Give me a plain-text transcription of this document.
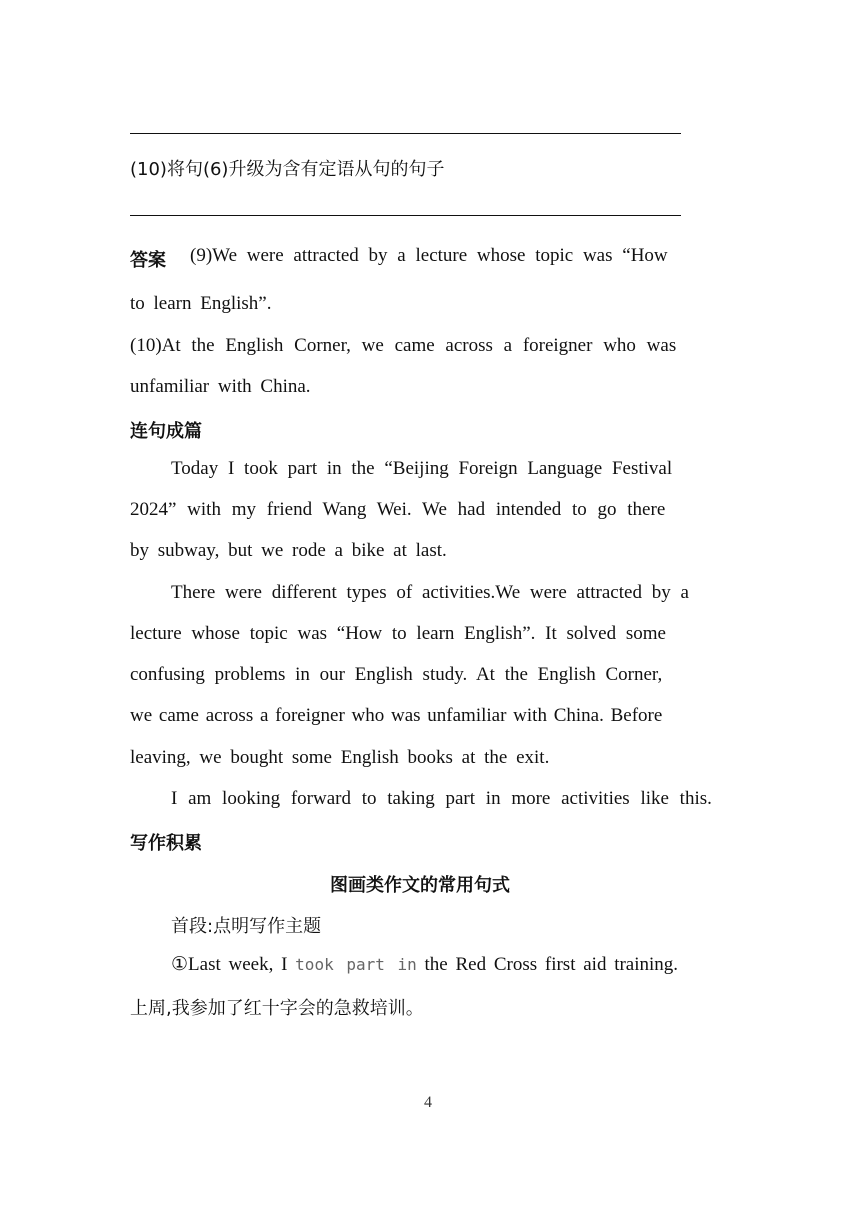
(10)将句(6)升级为含有定语从句的句子
答案 (9)We were attracted by a lecture whose topic was “How
to learn English”.
(10)At the English Corner, we came across a foreigner who was
unfamiliar with China.
连句成篇
Today I took part in the “Beijing Foreign Language Festival
2024” with my friend Wang Wei. We had intended to go there
by subway, but we rode a bike at last.
There were different types of activities.We were attracted by a
lecture whose topic was “How to learn English”. It solved some
confusing problems in our English study. At the English Corner,
we came across a foreigner who was unfamiliar with China. Before
leaving, we bought some English books at the exit.
I am looking forward to taking part in more activities like this.
写作积累
图画类作文的常用句式
首段:点明写作主题
①Last week, I took part in the Red Cross first aid training.
上周,我参加了红十字会的急救培训。
4
